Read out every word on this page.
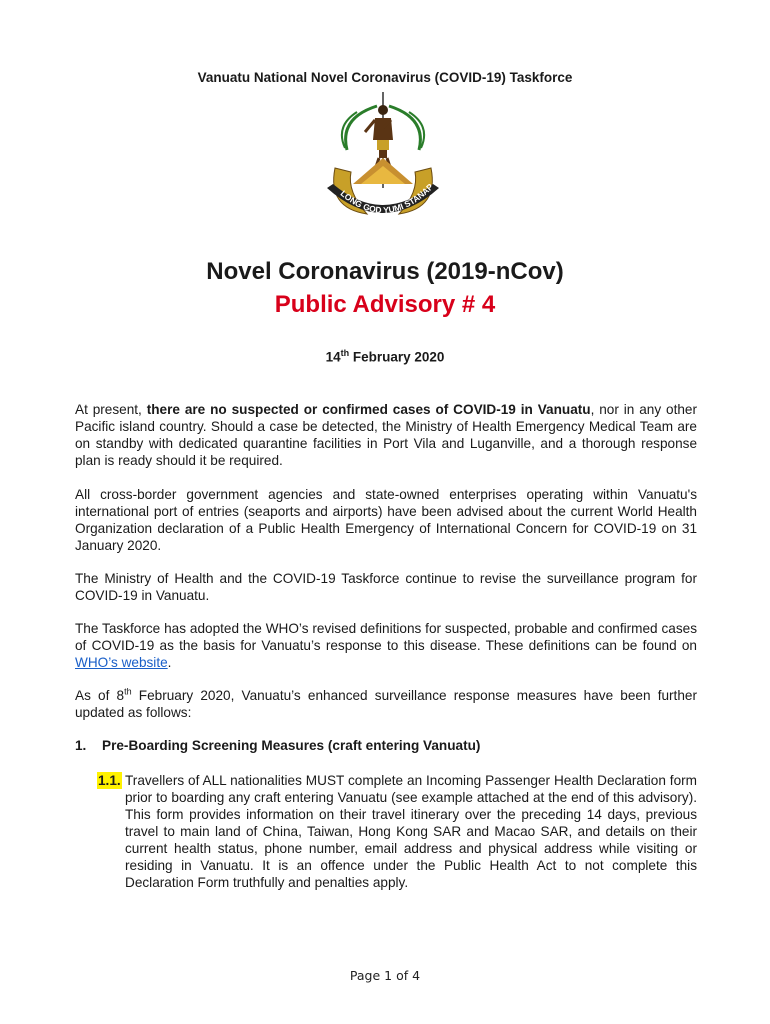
Vanuatu National Novel Coronavirus (COVID-19) Taskforce
LONG GOD YUMI STANAP
Novel Coronavirus (2019-nCov)
Public Advisory # 4
14th February 2020
At present, there are no suspected or confirmed cases of COVID-19 in Vanuatu, nor in any other Pacific island country. Should a case be detected, the Ministry of Health Emergency Medical Team are on standby with dedicated quarantine facilities in Port Vila and Luganville, and a thorough response plan is ready should it be required.
All cross-border government agencies and state-owned enterprises operating within Vanuatu's international port of entries (seaports and airports) have been advised about the current World Health Organization declaration of a Public Health Emergency of International Concern for COVID-19 on 31 January 2020.
The Ministry of Health and the COVID-19 Taskforce continue to revise the surveillance program for COVID-19 in Vanuatu.
The Taskforce has adopted the WHO’s revised definitions for suspected, probable and confirmed cases of COVID-19 as the basis for Vanuatu’s response to this disease. These definitions can be found on WHO’s website.
As of 8th February 2020, Vanuatu’s enhanced surveillance response measures have been further updated as follows:
1. Pre-Boarding Screening Measures (craft entering Vanuatu)
1.1. Travellers of ALL nationalities MUST complete an Incoming Passenger Health Declaration form prior to boarding any craft entering Vanuatu (see example attached at the end of this advisory). This form provides information on their travel itinerary over the preceding 14 days, previous travel to main land of China, Taiwan, Hong Kong SAR and Macao SAR, and details on their current health status, phone number, email address and physical address while visiting or residing in Vanuatu. It is an offence under the Public Health Act to not complete this Declaration Form truthfully and penalties apply.
Page 1 of 4
